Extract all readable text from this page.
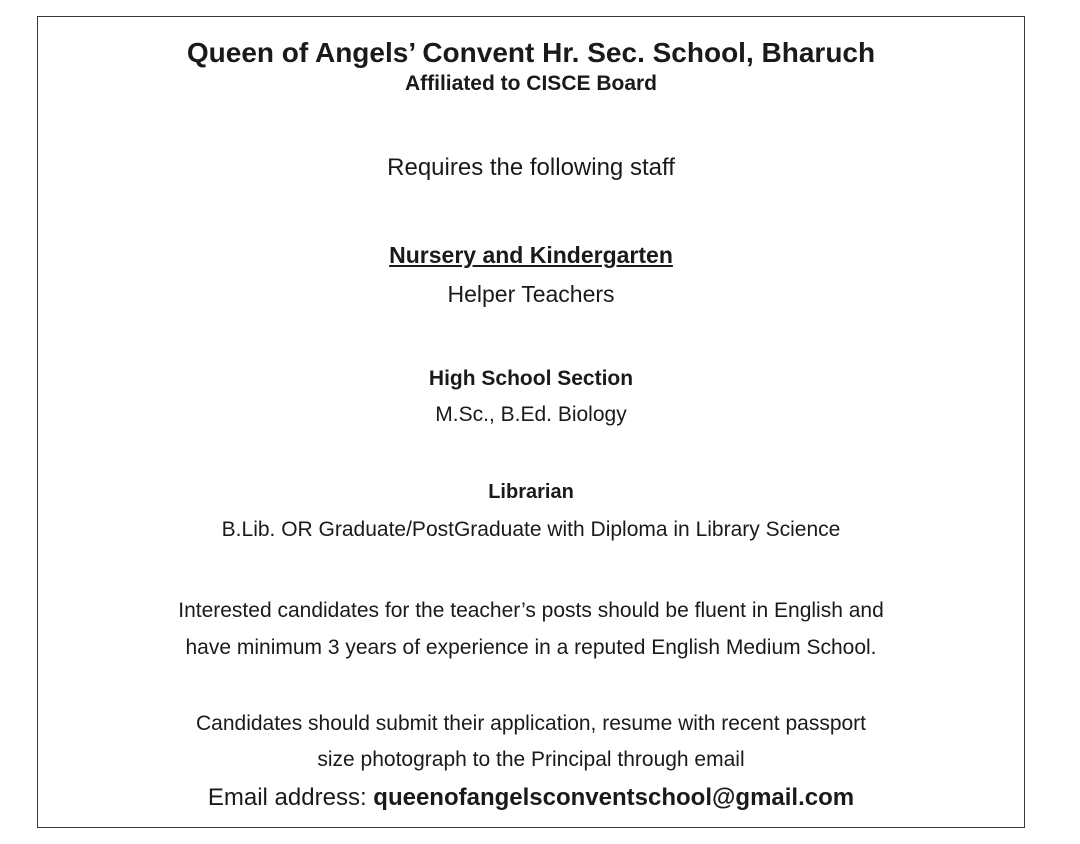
Queen of Angels’ Convent Hr. Sec. School, Bharuch
Affiliated to CISCE Board
Requires the following staff
Nursery and Kindergarten
Helper Teachers
High School Section
M.Sc., B.Ed. Biology
Librarian
B.Lib. OR Graduate/PostGraduate with Diploma in Library Science
Interested candidates for the teacher’s posts should be fluent in English and
have minimum 3 years of experience in a reputed English Medium School.
Candidates should submit their application, resume with recent passport
size photograph to the Principal through email
Email address: queenofangelsconventschool@gmail.com
